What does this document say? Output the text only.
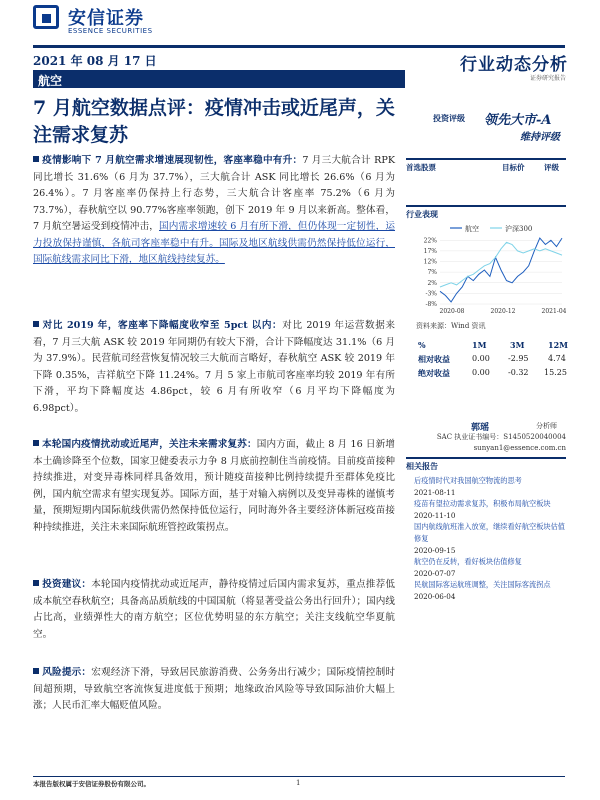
安信证券
ESSENCE SECURITIES
2021 年 08 月 17 日
航空
行业动态分析
证券研究报告
7 月航空数据点评：疫情冲击或近尾声，关注需求复苏
疫情影响下 7 月航空需求增速展现韧性，客座率稳中有升：7 月三大航合计 RPK 同比增长 31.6%（6 月为 37.7%），三大航合计 ASK 同比增长 26.6%（6 月为 26.4%）。7 月客座率仍保持上行态势，三大航合计客座率 75.2%（6 月为 73.7%），春秋航空以 90.77%客座率领跑，创下 2019 年 9 月以来新高。整体看，7 月航空暑运受到疫情冲击，国内需求增速较 6 月有所下滑，但仍体现一定韧性，运力投放保持谨慎，各航司客座率稳中有升。国际及地区航线供需仍然保持低位运行，国际航线需求同比下滑，地区航线持续复苏。
对比 2019 年，客座率下降幅度收窄至 5pct 以内：对比 2019 年运营数据来看，7 月三大航 ASK 较 2019 年同期仍有较大下滑，合计下降幅度达 31.1%（6 月为 37.9%）。民营航司经营恢复情况较三大航而言略好，春秋航空 ASK 较 2019 年下降 0.35%，吉祥航空下降 11.24%。7 月 5 家上市航司客座率均较 2019 年有所下滑，平均下降幅度达 4.86pct，较 6 月有所收窄（6 月平均下降幅度为 6.98pct）。
本轮国内疫情扰动或近尾声，关注未来需求复苏：国内方面，截止 8 月 16 日新增本土确诊降至个位数，国家卫健委表示力争 8 月底前控制住当前疫情。目前疫苗接种持续推进，对变异毒株同样具备效用，预计随疫苗接种比例持续提升至群体免疫比例，国内航空需求有望实现复苏。国际方面，基于对输入病例以及变异毒株的谨慎考量，预期短期内国际航线供需仍然保持低位运行，同时海外各主要经济体新冠疫苗接种持续推进，关注未来国际航班管控政策拐点。
投资建议：本轮国内疫情扰动或近尾声，静待疫情过后国内需求复苏，重点推荐低成本航空春秋航空；具备高品质航线的中国国航（将显著受益公务出行回升）；国内线占比高，业绩弹性大的南方航空；区位优势明显的东方航空；关注支线航空华夏航空。
风险提示：宏观经济下滑，导致居民旅游消费、公务务出行减少；国际疫情控制时间超预期，导致航空客流恢复进度低于预期；地缘政治风险等导致国际油价大幅上涨；人民币汇率大幅贬值风险。
投资评级 领先大市-A
维持评级
首选股票	目标价	评级
行业表现
航空	沪深300
22%
17%
12%
7%
2%
-3%
-8%
2020-08	2020-12	2021-04
资料来源：Wind 资讯
%	1M	3M	12M
相对收益	0.00 -2.95 4.74
绝对收益	0.00 -0.32 15.25
郭瑶	分析师
SAC 执业证书编号：S1450520040004
sunyan1@essence.com.cn
相关报告
后疫情时代对我国航空物流的思考
2021-08-11
疫苗有望拉动需求复苏，积极布局航空板块
2020-11-10
国内航线航班准入放宽，继续看好航空板块估值修复
2020-09-15
航空仍在反转，看好板块估值修复
2020-07-07
民航国际客运航班调整，关注国际客流拐点
2020-06-04
本报告版权属于安信证券股份有限公司。	1
